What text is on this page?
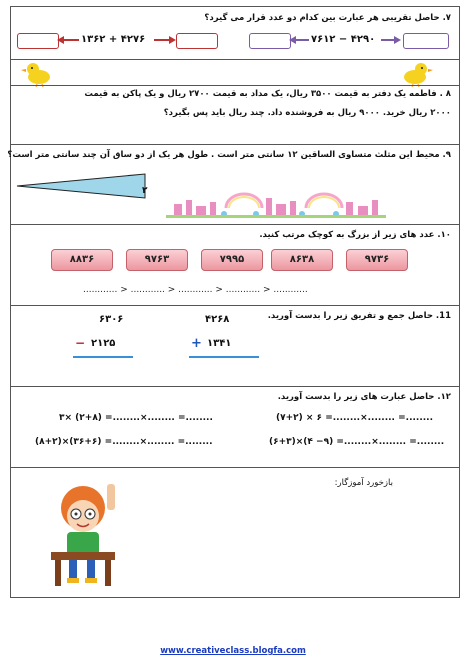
۷. حاصل تقریبی هر عبارت بین کدام دو عدد قرار می گیرد؟
۱۳۶۲ + ۴۲۷۶	۷۶۱۲ − ۴۲۹۰
۸ . فاطمه یک دفتر به قیمت ۳۵۰۰ ریال، یک مداد به قیمت ۲۷۰۰ ریال و یک پاکن به قیمت
۲۰۰۰ ریال خرید. ۹۰۰۰ ریال به فروشنده داد. چند ریال باید پس بگیرد؟
۹. محیط این مثلث متساوی الساقین ۱۲ سانتی متر است . طول هر یک از دو ساق آن چند سانتی متر است؟
۲
۱۰. عدد های زیر از بزرگ به کوچک مرتب کنید.
۸۸۳۶	۹۷۶۳	۷۹۹۵	۸۶۳۸	۹۷۳۶
............ > ............ > ............ > ............ > ............
11. حاصل جمع و تفریق زیر را بدست آورید.
۶۳۰۶
− ۲۱۲۵
۴۲۶۸
+ ۱۳۴۱
۱۲. حاصل عبارت های زیر را بدست آورید.
۳× (۲+۸) =........×........ =........	(۷+۲) × ۶ =........×........ =........
(۸+۲)×(۳۶+۶) =........×........ =........	(۶+۳)×(۴ −۹) =........×........ =........
بازخورد آموزگار:
www.creativeclass.blogfa.com
